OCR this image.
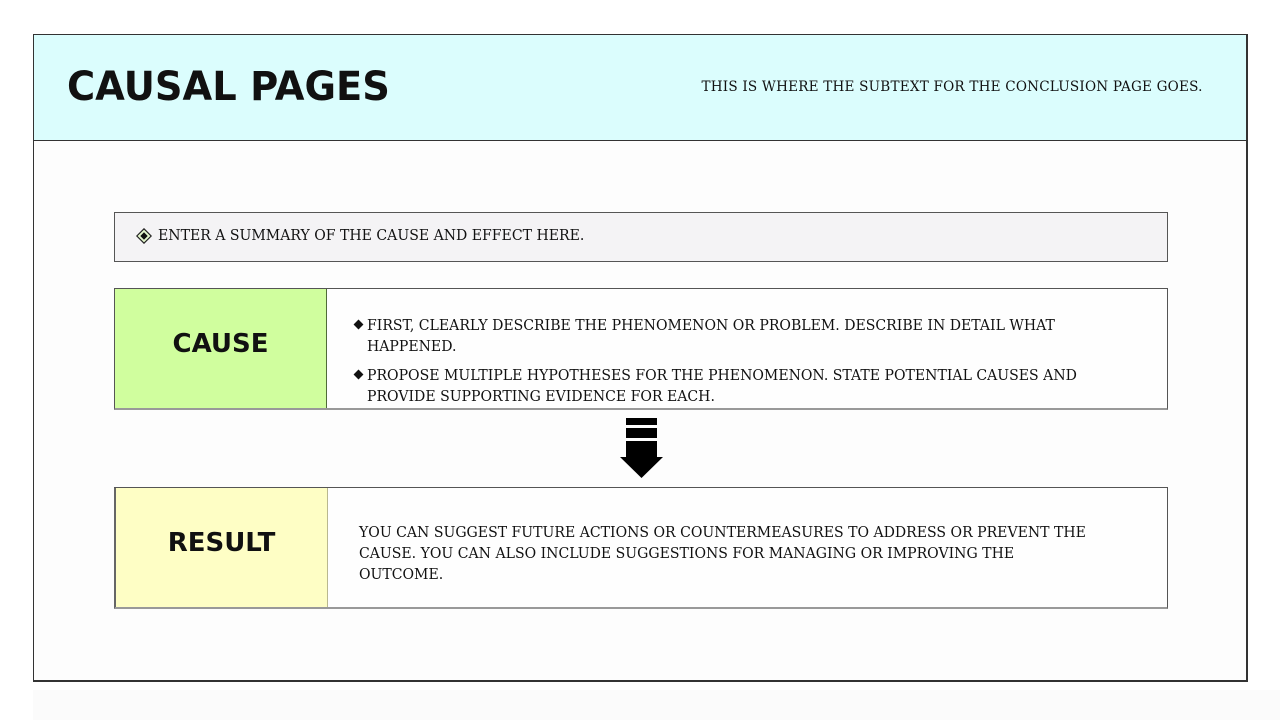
CAUSAL PAGES	THIS IS WHERE THE SUBTEXT FOR THE CONCLUSION PAGE GOES.
ENTER A SUMMARY OF THE CAUSE AND EFFECT HERE.
CAUSE
FIRST, CLEARLY DESCRIBE THE PHENOMENON OR PROBLEM. DESCRIBE IN DETAIL WHAT HAPPENED.
PROPOSE MULTIPLE HYPOTHESES FOR THE PHENOMENON. STATE POTENTIAL CAUSES AND PROVIDE SUPPORTING EVIDENCE FOR EACH.
RESULT	YOU CAN SUGGEST FUTURE ACTIONS OR COUNTERMEASURES TO ADDRESS OR PREVENT THE CAUSE. YOU CAN ALSO INCLUDE SUGGESTIONS FOR MANAGING OR IMPROVING THE OUTCOME.
